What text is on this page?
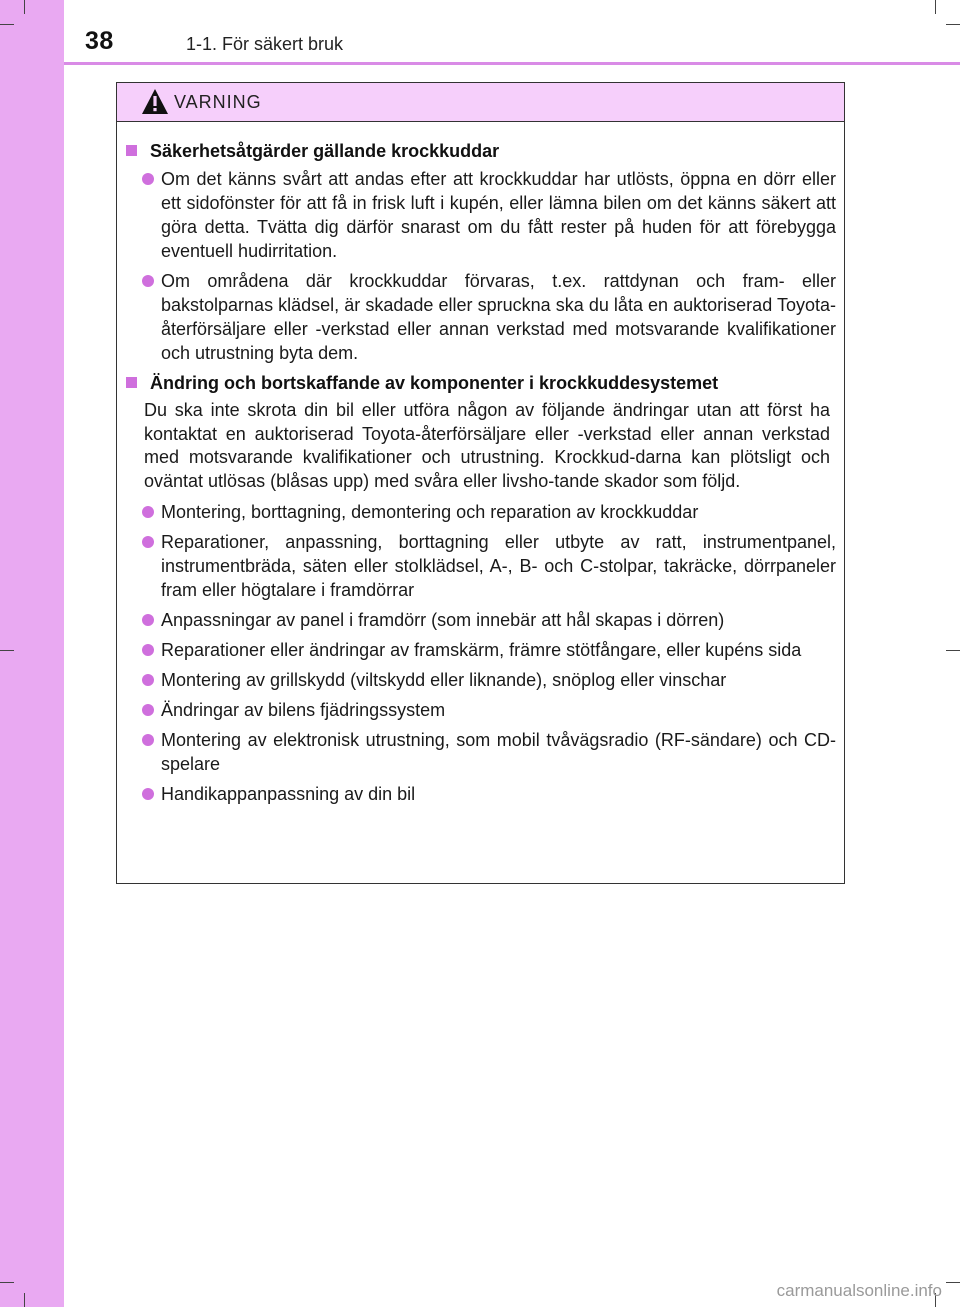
38	1-1. För säkert bruk
VARNING
Säkerhetsåtgärder gällande krockkuddar
Om det känns svårt att andas efter att krockkuddar har utlösts, öppna en dörr eller ett sidofönster för att få in frisk luft i kupén, eller lämna bilen om det känns säkert att göra detta. Tvätta dig därför snarast om du fått rester på huden för att förebygga eventuell hudirritation.
Om områdena där krockkuddar förvaras, t.ex. rattdynan och fram- eller bakstolparnas klädsel, är skadade eller spruckna ska du låta en auktoriserad Toyota-återförsäljare eller -verkstad eller annan verkstad med motsvarande kvalifikationer och utrustning byta dem.
Ändring och bortskaffande av komponenter i krockkuddesystemet
Du ska inte skrota din bil eller utföra någon av följande ändringar utan att först ha kontaktat en auktoriserad Toyota-återförsäljare eller -verkstad eller annan verkstad med motsvarande kvalifikationer och utrustning. Krockkud-darna kan plötsligt och oväntat utlösas (blåsas upp) med svåra eller livsho-tande skador som följd.
Montering, borttagning, demontering och reparation av krockkuddar
Reparationer, anpassning, borttagning eller utbyte av ratt, instrumentpanel, instrumentbräda, säten eller stolklädsel, A-, B- och C-stolpar, takräcke, dörrpaneler fram eller högtalare i framdörrar
Anpassningar av panel i framdörr (som innebär att hål skapas i dörren)
Reparationer eller ändringar av framskärm, främre stötfångare, eller kupéns sida
Montering av grillskydd (viltskydd eller liknande), snöplog eller vinschar
Ändringar av bilens fjädringssystem
Montering av elektronisk utrustning, som mobil tvåvägsradio (RF-sändare) och CD-spelare
Handikappanpassning av din bil
carmanualsonline.info
